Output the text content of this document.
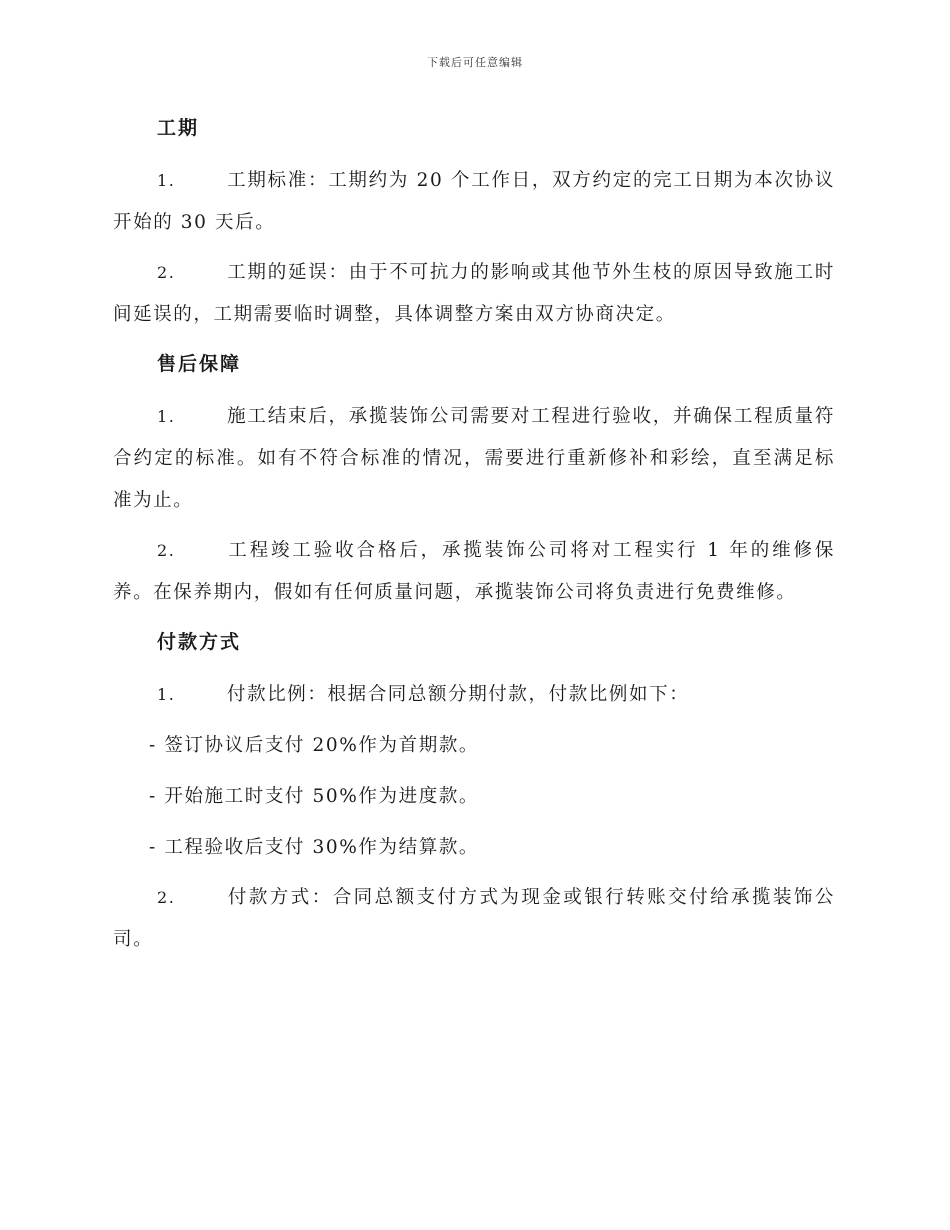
下载后可任意编辑
工期

1.	工期标准：工期约为 20 个工作日，双方约定的完工日期为本次协议开始的 30 天后。

2.	工期的延误：由于不可抗力的影响或其他节外生枝的原因导致施工时间延误的，工期需要临时调整，具体调整方案由双方协商决定。

售后保障

1.	施工结束后，承揽装饰公司需要对工程进行验收，并确保工程质量符合约定的标准。如有不符合标准的情况，需要进行重新修补和彩绘，直至满足标准为止。

2.	工程竣工验收合格后，承揽装饰公司将对工程实行 1 年的维修保养。在保养期内，假如有任何质量问题，承揽装饰公司将负责进行免费维修。

付款方式

1.	付款比例：根据合同总额分期付款，付款比例如下：

- 签订协议后支付 20%作为首期款。

- 开始施工时支付 50%作为进度款。

- 工程验收后支付 30%作为结算款。

2.	付款方式：合同总额支付方式为现金或银行转账交付给承揽装饰公司。
